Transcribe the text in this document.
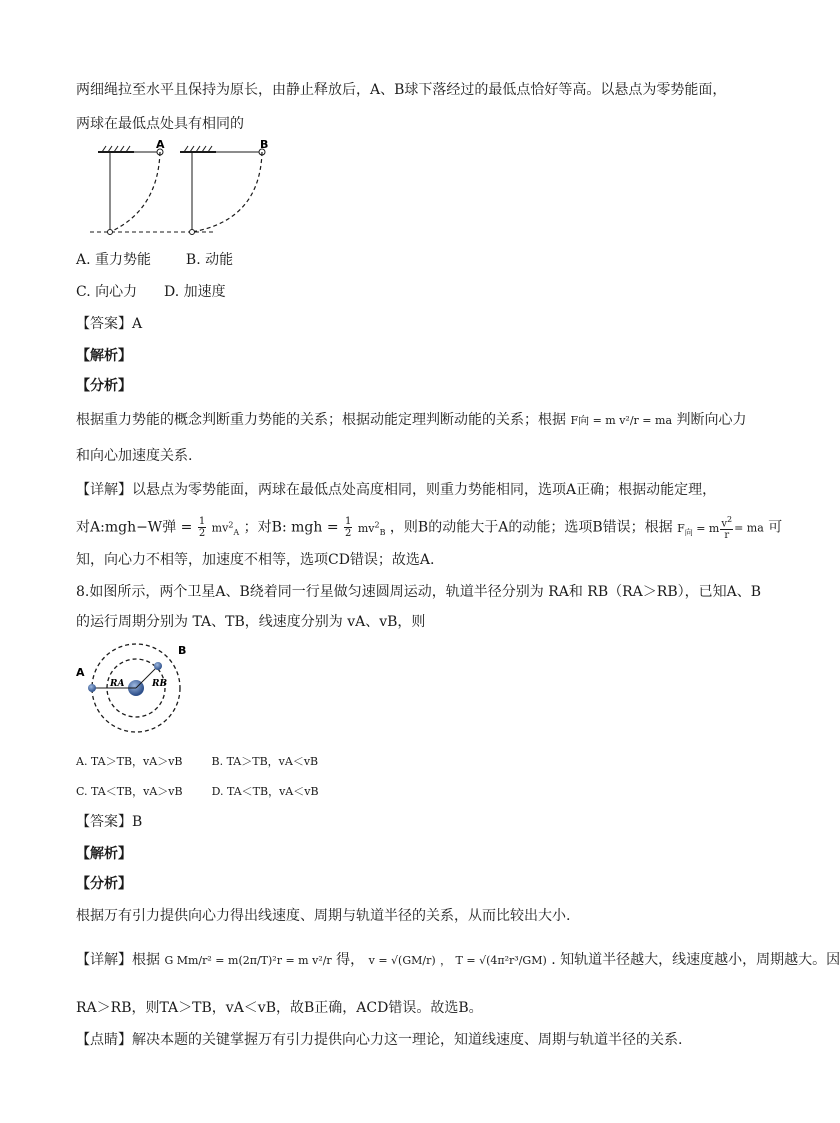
两细绳拉至水平且保持为原长，由静止释放后，A、B球下落经过的最低点恰好等高。以悬点为零势能面，
两球在最低点处具有相同的
A	B
A. 重力势能 B. 动能
C. 向心力 D. 加速度
【答案】A
【解析】
【分析】
根据重力势能的概念判断重力势能的关系；根据动能定理判断动能的关系；根据 F向 = m v²/r = ma 判断向心力
和向心加速度关系.
【详解】以悬点为零势能面，两球在最低点处高度相同，则重力势能相同，选项A正确；根据动能定理，
对A:mgh−W弹 = $\frac{1}{2} mv^2_A$ ；对B: mgh = $\frac{1}{2} mv^2_B$ ，则B的动能大于A的动能；选项B错误；根据 $F_向 = m \frac{v^2}{r}$ = ma 可
知，向心力不相等，加速度不相等，选项CD错误；故选A.
8.如图所示，两个卫星A、B绕着同一行星做匀速圆周运动，轨道半径分别为 RA和 RB（RA＞RB），已知A、B
的运行周期分别为 TA、TB，线速度分别为 vA、vB，则
A
B
RA	RB
A. TA＞TB，vA＞vB	B. TA＞TB，vA＜vB
C. TA＜TB，vA＞vB	D. TA＜TB，vA＜vB
【答案】B
【解析】
【分析】
根据万有引力提供向心力得出线速度、周期与轨道半径的关系，从而比较出大小.
【详解】根据 G Mm/r² = m(2π/T)²r = m v²/r 得， v = √(GM/r) ， T = √(4π²r³/GM) . 知轨道半径越大，线速度越小，周期越大。因
RA＞RB，则TA＞TB，vA＜vB，故B正确，ACD错误。故选B。
【点睛】解决本题的关键掌握万有引力提供向心力这一理论，知道线速度、周期与轨道半径的关系.
